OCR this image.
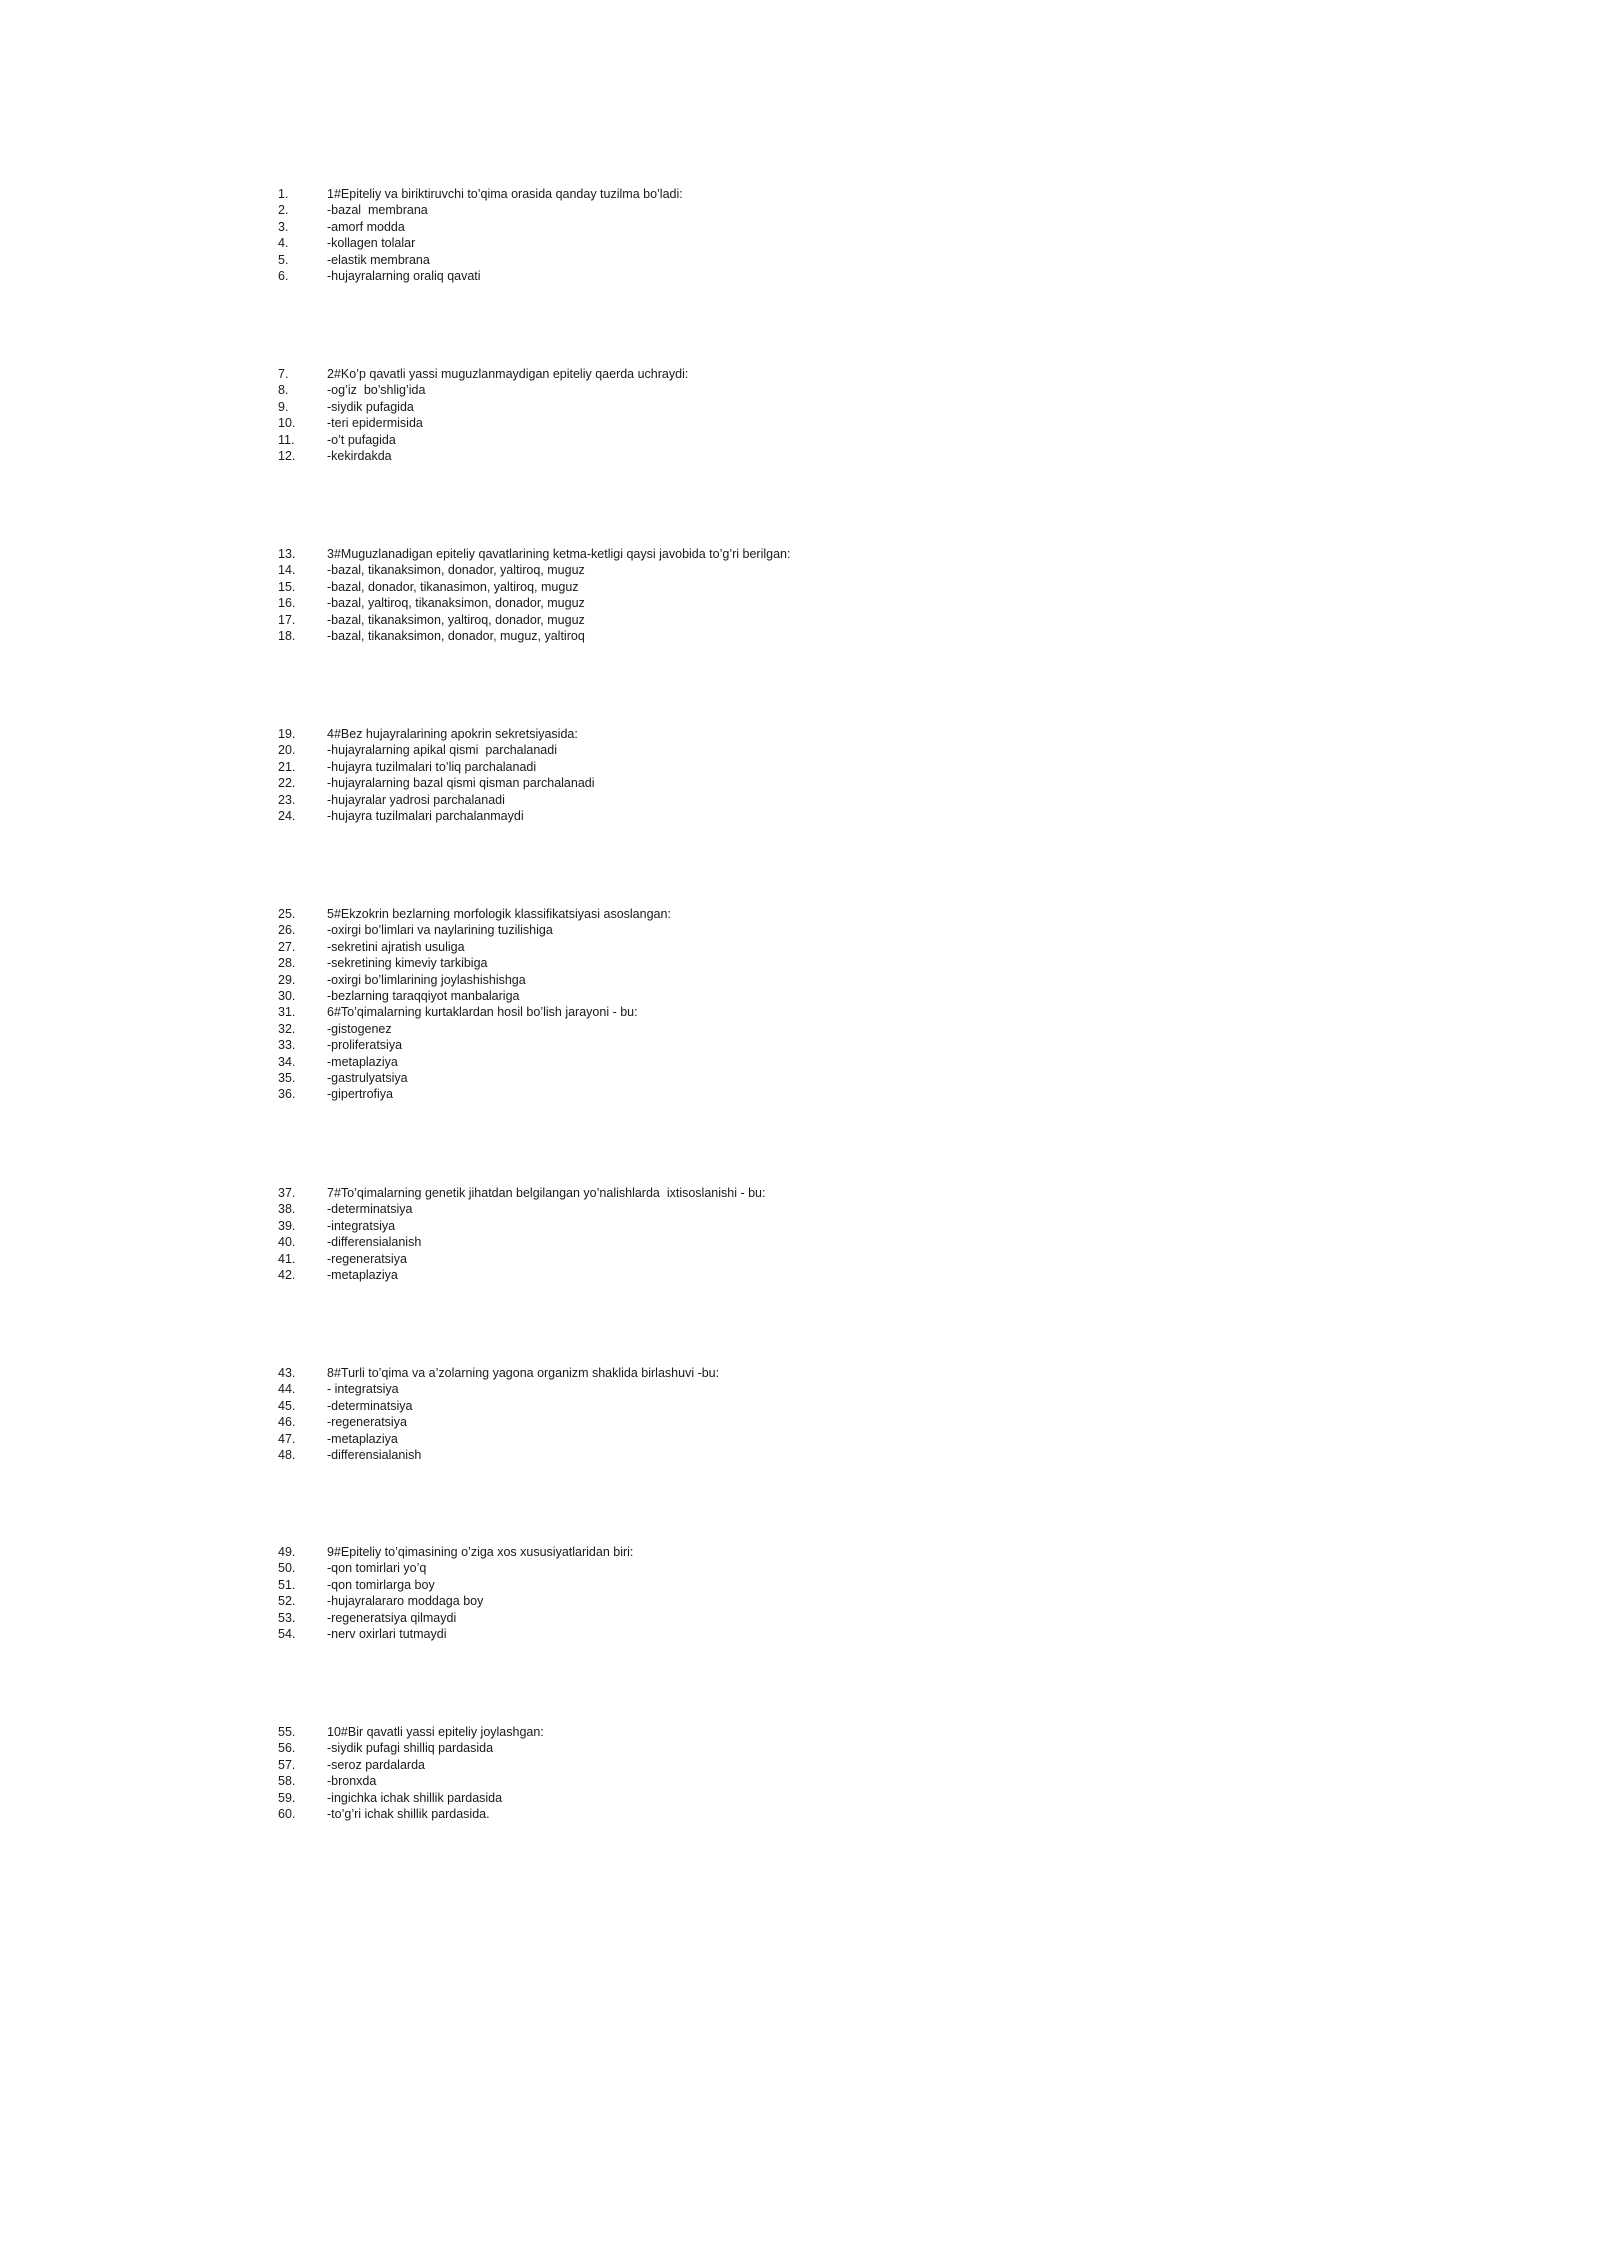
1.	1#Epiteliy va biriktiruvchi to’qima orasida qanday tuzilma bo’ladi:
2.	-bazal  membrana
3.	-amorf modda
4.	-kollagen tolalar
5.	-elastik membrana
6.	-hujayralarning oraliq qavati
7.	2#Ko’p qavatli yassi muguzlanmaydigan epiteliy qaerda uchraydi:
8.	-og’iz  bo’shlig’ida
9.	-siydik pufagida
10.	-teri epidermisida
11.	-o’t pufagida
12.	-kekirdakda
13.	3#Muguzlanadigan epiteliy qavatlarining ketma-ketligi qaysi javobida to’g’ri berilgan:
14.	-bazal, tikanaksimon, donador, yaltiroq, muguz
15.	-bazal, donador, tikanasimon, yaltiroq, muguz
16.	-bazal, yaltiroq, tikanaksimon, donador, muguz
17.	-bazal, tikanaksimon, yaltiroq, donador, muguz
18.	-bazal, tikanaksimon, donador, muguz, yaltiroq
19.	4#Bez hujayralarining apokrin sekretsiyasida:
20.	-hujayralarning apikal qismi  parchalanadi
21.	-hujayra tuzilmalari to’liq parchalanadi
22.	-hujayralarning bazal qismi qisman parchalanadi
23.	-hujayralar yadrosi parchalanadi
24.	-hujayra tuzilmalari parchalanmaydi
25.	5#Ekzokrin bezlarning morfologik klassifikatsiyasi asoslangan:
26.	-oxirgi bo’limlari va naylarining tuzilishiga
27.	-sekretini ajratish usuliga
28.	-sekretining kimeviy tarkibiga
29.	-oxirgi bo’limlarining joylashishishga
30.	-bezlarning taraqqiyot manbalariga
31.	6#To’qimalarning kurtaklardan hosil bo’lish jarayoni - bu:
32.	-gistogenez
33.	-proliferatsiya
34.	-metaplaziya
35.	-gastrulyatsiya
36.	-gipertrofiya
37.	7#To’qimalarning genetik jihatdan belgilangan yo’nalishlarda  ixtisoslanishi - bu:
38.	-determinatsiya
39.	-integratsiya
40.	-differensialanish
41.	-regeneratsiya
42.	-metaplaziya
43.	8#Turli to’qima va a’zolarning yagona organizm shaklida birlashuvi -bu:
44.	- integratsiya
45.	-determinatsiya
46.	-regeneratsiya
47.	-metaplaziya
48.	-differensialanish
49.	9#Epiteliy to’qimasining o’ziga xos xususiyatlaridan biri:
50.	-qon tomirlari yo’q
51.	-qon tomirlarga boy
52.	-hujayralararo moddaga boy
53.	-regeneratsiya qilmaydi
54.	-nerv oxirlari tutmaydi
55.	10#Bir qavatli yassi epiteliy joylashgan:
56.	-siydik pufagi shilliq pardasida
57.	-seroz pardalarda
58.	-bronxda
59.	-ingichka ichak shillik pardasida
60.	-to’g’ri ichak shillik pardasida.
